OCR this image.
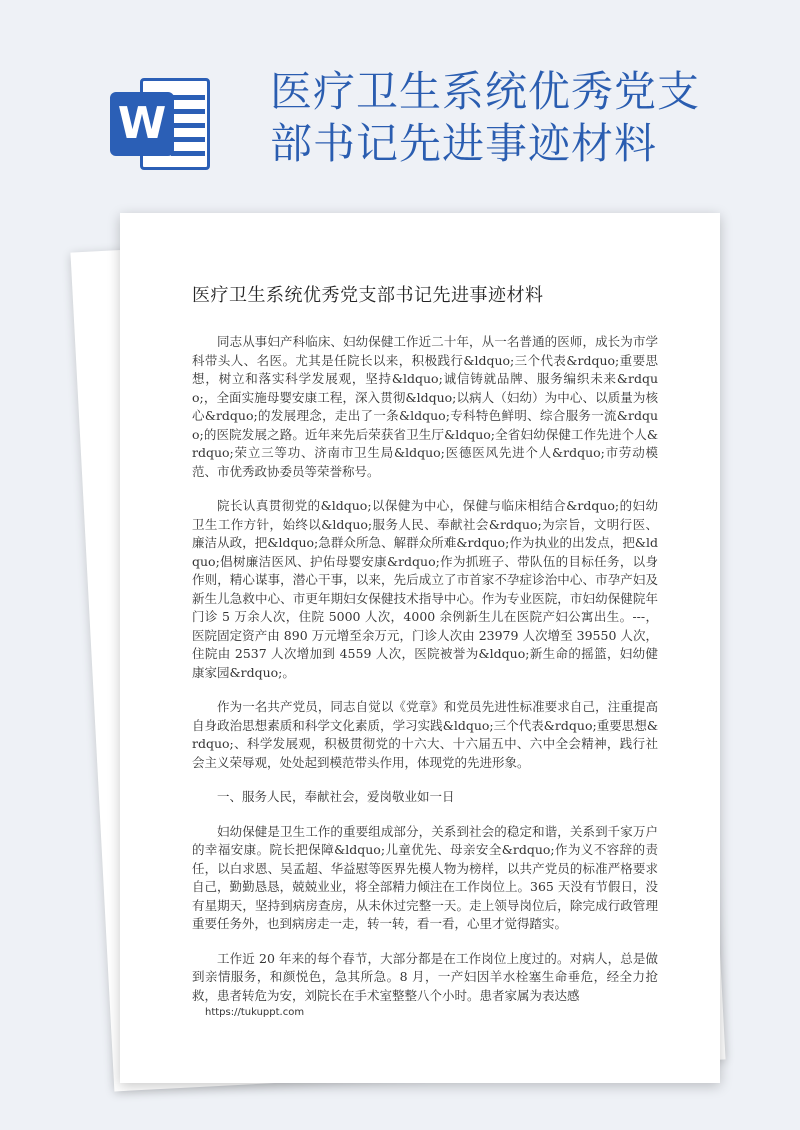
W
医疗卫生系统优秀党支部书记先进事迹材料
医疗卫生系统优秀党支部书记先进事迹材料

同志从事妇产科临床、妇幼保健工作近二十年，从一名普通的医师，成长为市学科带头人、名医。尤其是任院长以来，积极践行&ldquo;三个代表&rdquo;重要思想，树立和落实科学发展观，坚持&ldquo;诚信铸就品牌、服务编织未来&rdquo;，全面实施母婴安康工程，深入贯彻&ldquo;以病人（妇幼）为中心、以质量为核心&rdquo;的发展理念，走出了一条&ldquo;专科特色鲜明、综合服务一流&rdquo;的医院发展之路。近年来先后荣获省卫生厅&ldquo;全省妇幼保健工作先进个人&rdquo;荣立三等功、济南市卫生局&ldquo;医德医风先进个人&rdquo;市劳动模范、市优秀政协委员等荣誉称号。

院长认真贯彻党的&ldquo;以保健为中心，保健与临床相结合&rdquo;的妇幼卫生工作方针，始终以&ldquo;服务人民、奉献社会&rdquo;为宗旨，文明行医、廉洁从政，把&ldquo;急群众所急、解群众所难&rdquo;作为执业的出发点，把&ldquo;倡树廉洁医风、护佑母婴安康&rdquo;作为抓班子、带队伍的目标任务，以身作则，精心谋事，潜心干事，以来，先后成立了市首家不孕症诊治中心、市孕产妇及新生儿急救中心、市更年期妇女保健技术指导中心。作为专业医院，市妇幼保健院年门诊 5 万余人次，住院 5000 人次，4000 余例新生儿在医院产妇公寓出生。---，医院固定资产由 890 万元增至余万元，门诊人次由 23979 人次增至 39550 人次，住院由 2537 人次增加到 4559 人次，医院被誉为&ldquo;新生命的摇篮，妇幼健康家园&rdquo;。

作为一名共产党员，同志自觉以《党章》和党员先进性标准要求自己，注重提高自身政治思想素质和科学文化素质，学习实践&ldquo;三个代表&rdquo;重要思想&rdquo;、科学发展观，积极贯彻党的十六大、十六届五中、六中全会精神，践行社会主义荣辱观，处处起到模范带头作用，体现党的先进形象。

一、服务人民，奉献社会，爱岗敬业如一日

妇幼保健是卫生工作的重要组成部分，关系到社会的稳定和谐，关系到千家万户的幸福安康。院长把保障&ldquo;儿童优先、母亲安全&rdquo;作为义不容辞的责任，以白求恩、吴孟超、华益慰等医界先模人物为榜样，以共产党员的标准严格要求自己，勤勤恳恳，兢兢业业，将全部精力倾注在工作岗位上。365 天没有节假日，没有星期天，坚持到病房查房，从未休过完整一天。走上领导岗位后，除完成行政管理重要任务外，也到病房走一走，转一转，看一看，心里才觉得踏实。

工作近 20 年来的每个春节，大部分都是在工作岗位上度过的。对病人，总是做到亲情服务，和颜悦色，急其所急。8 月，一产妇因羊水栓塞生命垂危，经全力抢救，患者转危为安，刘院长在手术室整整八个小时。患者家属为表达感

https://tukuppt.com
